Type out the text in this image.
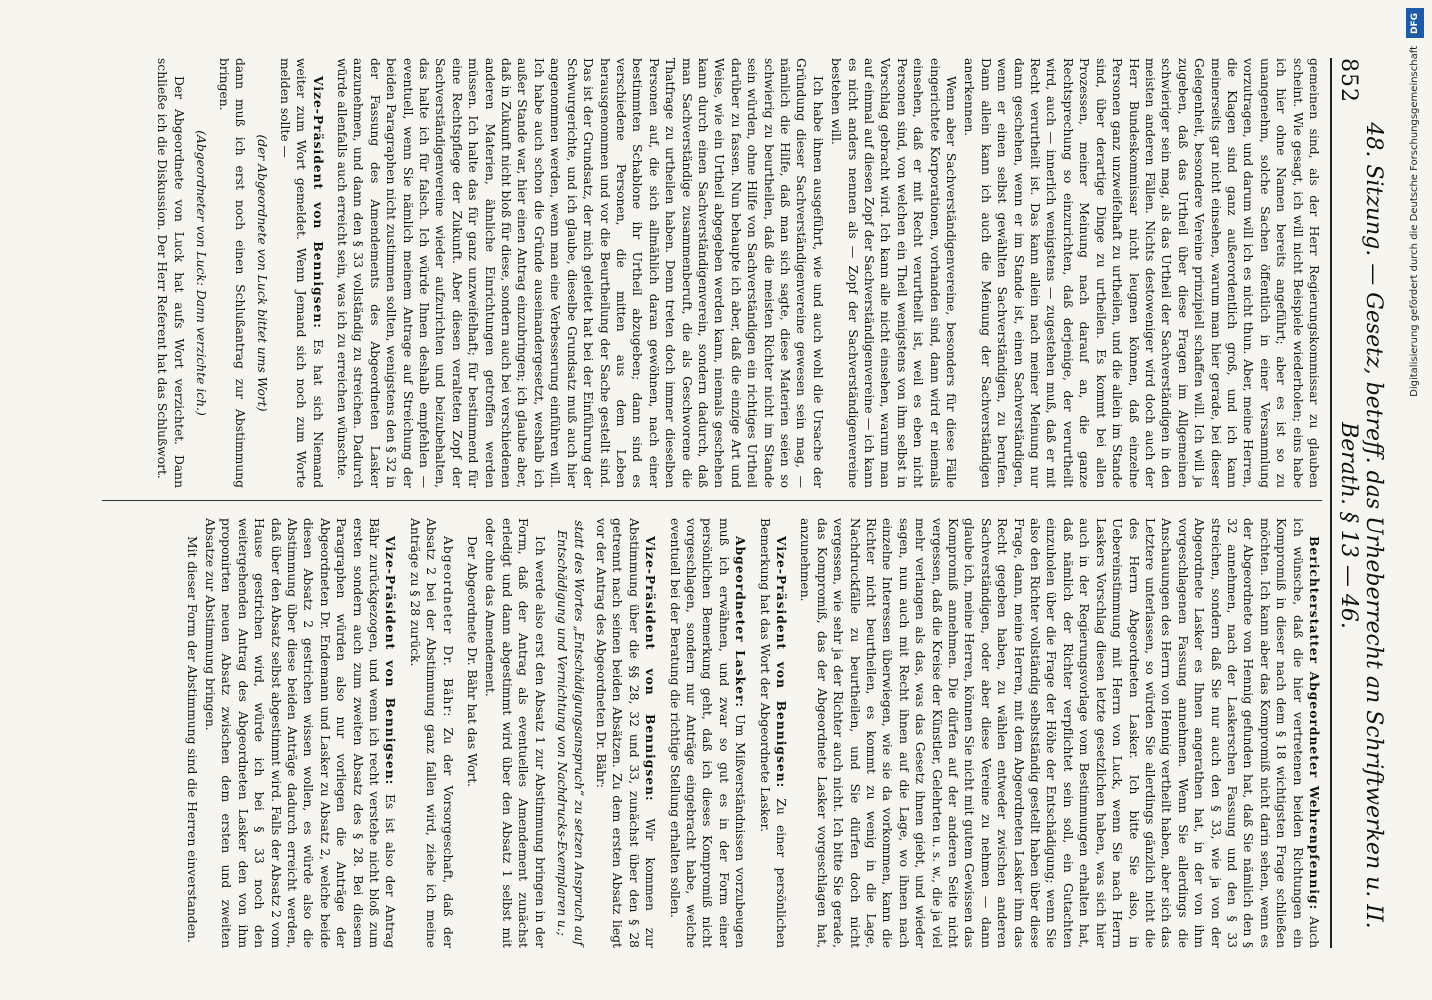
852
48. Sitzung. — Gesetz, betreff. das Urheberrecht an Schriftwerken u. II. Berath. § 13 — 46.

gemeinen sind, als der Herr Regierungskommissar zu glauben scheint. Wie gesagt, ich will nicht Beispiele wiederholen; eins habe ich hier ohne Namen bereits angeführt; aber es ist so zu unangenehm, solche Sachen öffentlich in einer Versammlung vorzutragen, und darum will ich es nicht thun. Aber, meine Herren, die Klagen sind ganz außerordentlich groß, und ich kann meinerseits gar nicht einsehen, warum man hier gerade, bei dieser Gelegenheit, besondere Vereine prinzipiell schaffen will. Ich will ja zugeben, daß das Urtheil über diese Fragen im Allgemeinen schwieriger sein mag, als das Urtheil der Sachverständigen in den meisten anderen Fällen. Nichts destoweniger wird doch auch der Herr Bundeskommissar nicht leugnen können, daß einzelne Personen ganz unzweifelhaft zu urtheilen, und die allein im Stande sind, über derartige Dinge zu urtheilen. Es kommt bei allen Prozessen, meiner Meinung nach darauf an, die ganze Rechtsprechung so einzurichten, daß derjenige, der verurtheilt wird, auch — innerlich wenigstens — zugestehen muß, daß er mit Recht verurtheilt ist. Das kann allein nach meiner Meinung nur dann geschehen, wenn er im Stande ist, einen Sachverständigen, wenn er einen selbst gewählten Sachverständigen, zu berufen. Dann allein kann ich auch die Meinung der Sachverständigen anerkennen.

Wenn aber Sachverständigenvereine, besonders für diese Fälle eingerichtete Korporationen, vorhanden sind, dann wird er niemals einsehen, daß er mit Recht verurtheilt ist, weil es eben nicht Personen sind, von welchen ein Theil wenigstens von ihm selbst in Vorschlag gebracht wird. Ich kann alle nicht einsehen, warum man auf einmal auf diesen Zopf der Sachverständigenvereine — ich kann es nicht anders nennen als — Zopf der Sachverständigenvereine bestehen will.

Ich habe ihnen ausgeführt, wie und auch wohl die Ursache der Gründung dieser Sachverständigenvereine gewesen sein mag, — nämlich die Hilfe, daß man sich sagte, diese Materien seien so schwierig zu beurtheilen, daß die meisten Richter nicht im Stande sein würden, ohne Hilfe von Sachverständigen ein richtiges Urtheil darüber zu fassen. Nun behaupte ich aber, daß die einzige Art und Weise, wie ein Urtheil abgegeben werden kann, niemals geschehen kann durch einen Sachverständigenverein, sondern dadurch, daß man Sachverständige zusammenberuft, die als Geschworene die Thatfrage zu urtheilen haben. Denn treten doch immer dieselben Personen auf, die sich allmählich daran gewöhnen, nach einer bestimmten Schablone ihr Urtheil abzugeben; dann sind es verschiedene Personen, die mitten aus dem Leben herausgenommen und vor die Beurtheilung der Sache gestellt sind. Das ist der Grundsatz, der mich geleitet hat bei der Einführung der Schwurgerichte, und ich glaube, dieselbe Grundsatz muß auch hier angenommen werden, wenn man eine Verbesserung einführen will. Ich habe auch schon die Gründe auseinandergesetzt, weshalb ich außer Stande war, hier einen Antrag einzubringen; ich glaube aber, daß in Zukunft nicht bloß für diese, sondern auch bei verschiedenen anderen Materien, ähnliche Einrichtungen getroffen werden müssen. Ich halte das für ganz unzweifelhaft; für bestimmend für eine Rechtspflege der Zukunft. Aber diesen veralteten Zopf der Sachverständigenvereine wieder aufzurichten und beizubehalten, das halte ich für falsch. Ich würde Ihnen deshalb empfehlen — eventuell, wenn Sie nämlich meinem Antrage auf Streichung der beiden Paragraphen nicht zustimmen sollten, wenigstens den § 32 in der Fassung des Amendements des Abgeordneten Lasker anzunehmen, und dann den § 33 vollständig zu streichen. Dadurch würde allenfalls auch erreicht sein, was ich zu erreichen wünschte.

Vize-Präsident von Bennigsen: Es hat sich Niemand weiter zum Wort gemeldet. Wenn Jemand sich noch zum Worte melden sollte —

(der Abgeordnete von Luck bittet ums Wort)

dann muß ich erst noch einen Schlußantrag zur Abstimmung bringen.

(Abgeordneter von Luck: Dann verzichte ich.)

Der Abgeordnete von Luck hat aufs Wort verzichtet. Dann schließe ich die Diskussion. Der Herr Referent hat das Schlußwort.

Berichterstatter Abgeordneter Wehrenpfennig: Auch ich wünsche, daß die hier vertretenen beiden Richtungen ein Kompromiß in dieser nach dem § 18 wichtigsten Frage schließen möchten. Ich kann aber das Kompromiß nicht darin sehen, wenn es der Abgeordnete von Hennig gefunden hat, daß Sie nämlich den § 32 annehmen, nach der Laskerschen Fassung und den § 33 streichen, sondern daß Sie nur auch den § 33, wie ja von der Abgeordnete Lasker es Ihnen angerathen hat, in der von ihm vorgeschlagenen Fassung annehmen. Wenn Sie allerdings die Anschauungen des Herrn von Hennig vertheilt haben, aber sich das Letztere unterlassen, so würden Sie allerdings gänzlich nicht die des Herrn Abgeordneten Lasker. Ich bitte Sie also, in Uebereinstimmung mit Herrn von Luck, wenn Sie nach Herrn Laskers Vorschlag diesen letzte gesetzlichen haben, was sich hier auch in der Regierungsvorlage vom Bestimmungen erhalten hat, daß nämlich der Richter verpflichtet sein soll, ein Gutachten einzuholen über die Frage der Höhe der Entschädigung; wenn Sie also den Richter vollständig selbstständig gestellt haben über diese Frage, dann, meine Herren, mit dem Abgeordneten Lasker ihm das Recht gegeben haben, zu wählen entweder zwischen anderen Sachverständigen, oder aber diese Vereine zu nehmen — dann glaube ich, meine Herren, können Sie nicht mit gutem Gewissen das Kompromiß annehmen. Die dürfen auf der anderen Seite nicht vergessen, daß die Kreise der Künstler, Gelehrten u. s. w., die ja viel mehr verlangen als das, was das Gesetz ihnen giebt, und wieder sagen, nun auch mit Recht ihnen auf die Lage, wo ihnen nach einzelne Interessen überwiegen, wie sie da vorkommen, kann die Richter nicht beurtheilen, es kommt zu wenig in die Lage, Nachdruckfälle zu beurtheilen, und Sie dürfen doch nicht vergessen, wie sehr ja der Richter auch nicht. Ich bitte Sie gerade, das Kompromiß, das der Abgeordnete Lasker vorgeschlagen hat, anzunehmen.

Vize-Präsident von Bennigsen: Zu einer persönlichen Bemerkung hat das Wort der Abgeordnete Lasker.

Abgeordneter Lasker: Um Mißverständnissen vorzubeugen muß ich erwähnen, und zwar so gut es in der Form einer persönlichen Bemerkung geht, daß ich dieses Kompromiß nicht vorgeschlagen, sondern nur Anträge eingebracht habe, welche eventuell bei der Beratung die richtige Stellung erhalten sollen.

Vize-Präsident von Bennigsen: Wir kommen zur Abstimmung über die §§ 28, 32 und 33, zunächst über den § 28 getrennt nach seinen beiden Absätzen. Zu dem ersten Absatz liegt vor der Antrag des Abgeordneten Dr. Bähr:

statt des Wortes „Entschädigungsanspruch“ zu setzen Anspruch auf Entschädigung und Vernichtung von Nachdrucks-Exemplaren u.;

Ich werde also erst den Absatz 1 zur Abstimmung bringen in der Form, daß der Antrag als eventuelles Amendement zunächst erledigt und dann abgestimmt wird über den Absatz 1 selbst mit oder ohne das Amendement.

Der Abgeordnete Dr. Bähr hat das Wort.

Abgeordneter Dr. Bähr: Zu der Vorsorgeschaft, daß der Absatz 2 bei der Abstimmung ganz fallen wird, ziehe ich meine Anträge zu § 28 zurück.

Vize-Präsident von Bennigsen: Es ist also der Antrag Bähr zurückgezogen, und wenn ich recht verstehe nicht bloß zum ersten sondern auch zum zweiten Absatz des § 28. Bei diesem Paragraphen würden also nur vorliegen die Anträge der Abgeordneten Dr. Endemann und Lasker zu Absatz 2, welche beide diesen Absatz 2 gestrichen wissen wollen, es würde also die Abstimmung über diese beiden Anträge dadurch erreicht werden, daß über den Absatz selbst abgestimmt wird. Falls der Absatz 2 vom Hause gestrichen wird, würde ich bei § 33 noch den weitergehenden Antrag des Abgeordneten Lasker den von ihm proponirten neuen Absatz zwischen dem ersten und zweiten Absatze zur Abstimmung bringen.

Mit dieser Form der Abstimmung sind die Herren einverstanden.

DFG
Digitalisierung gefördert durch die Deutsche Forschungsgemeinschaft
